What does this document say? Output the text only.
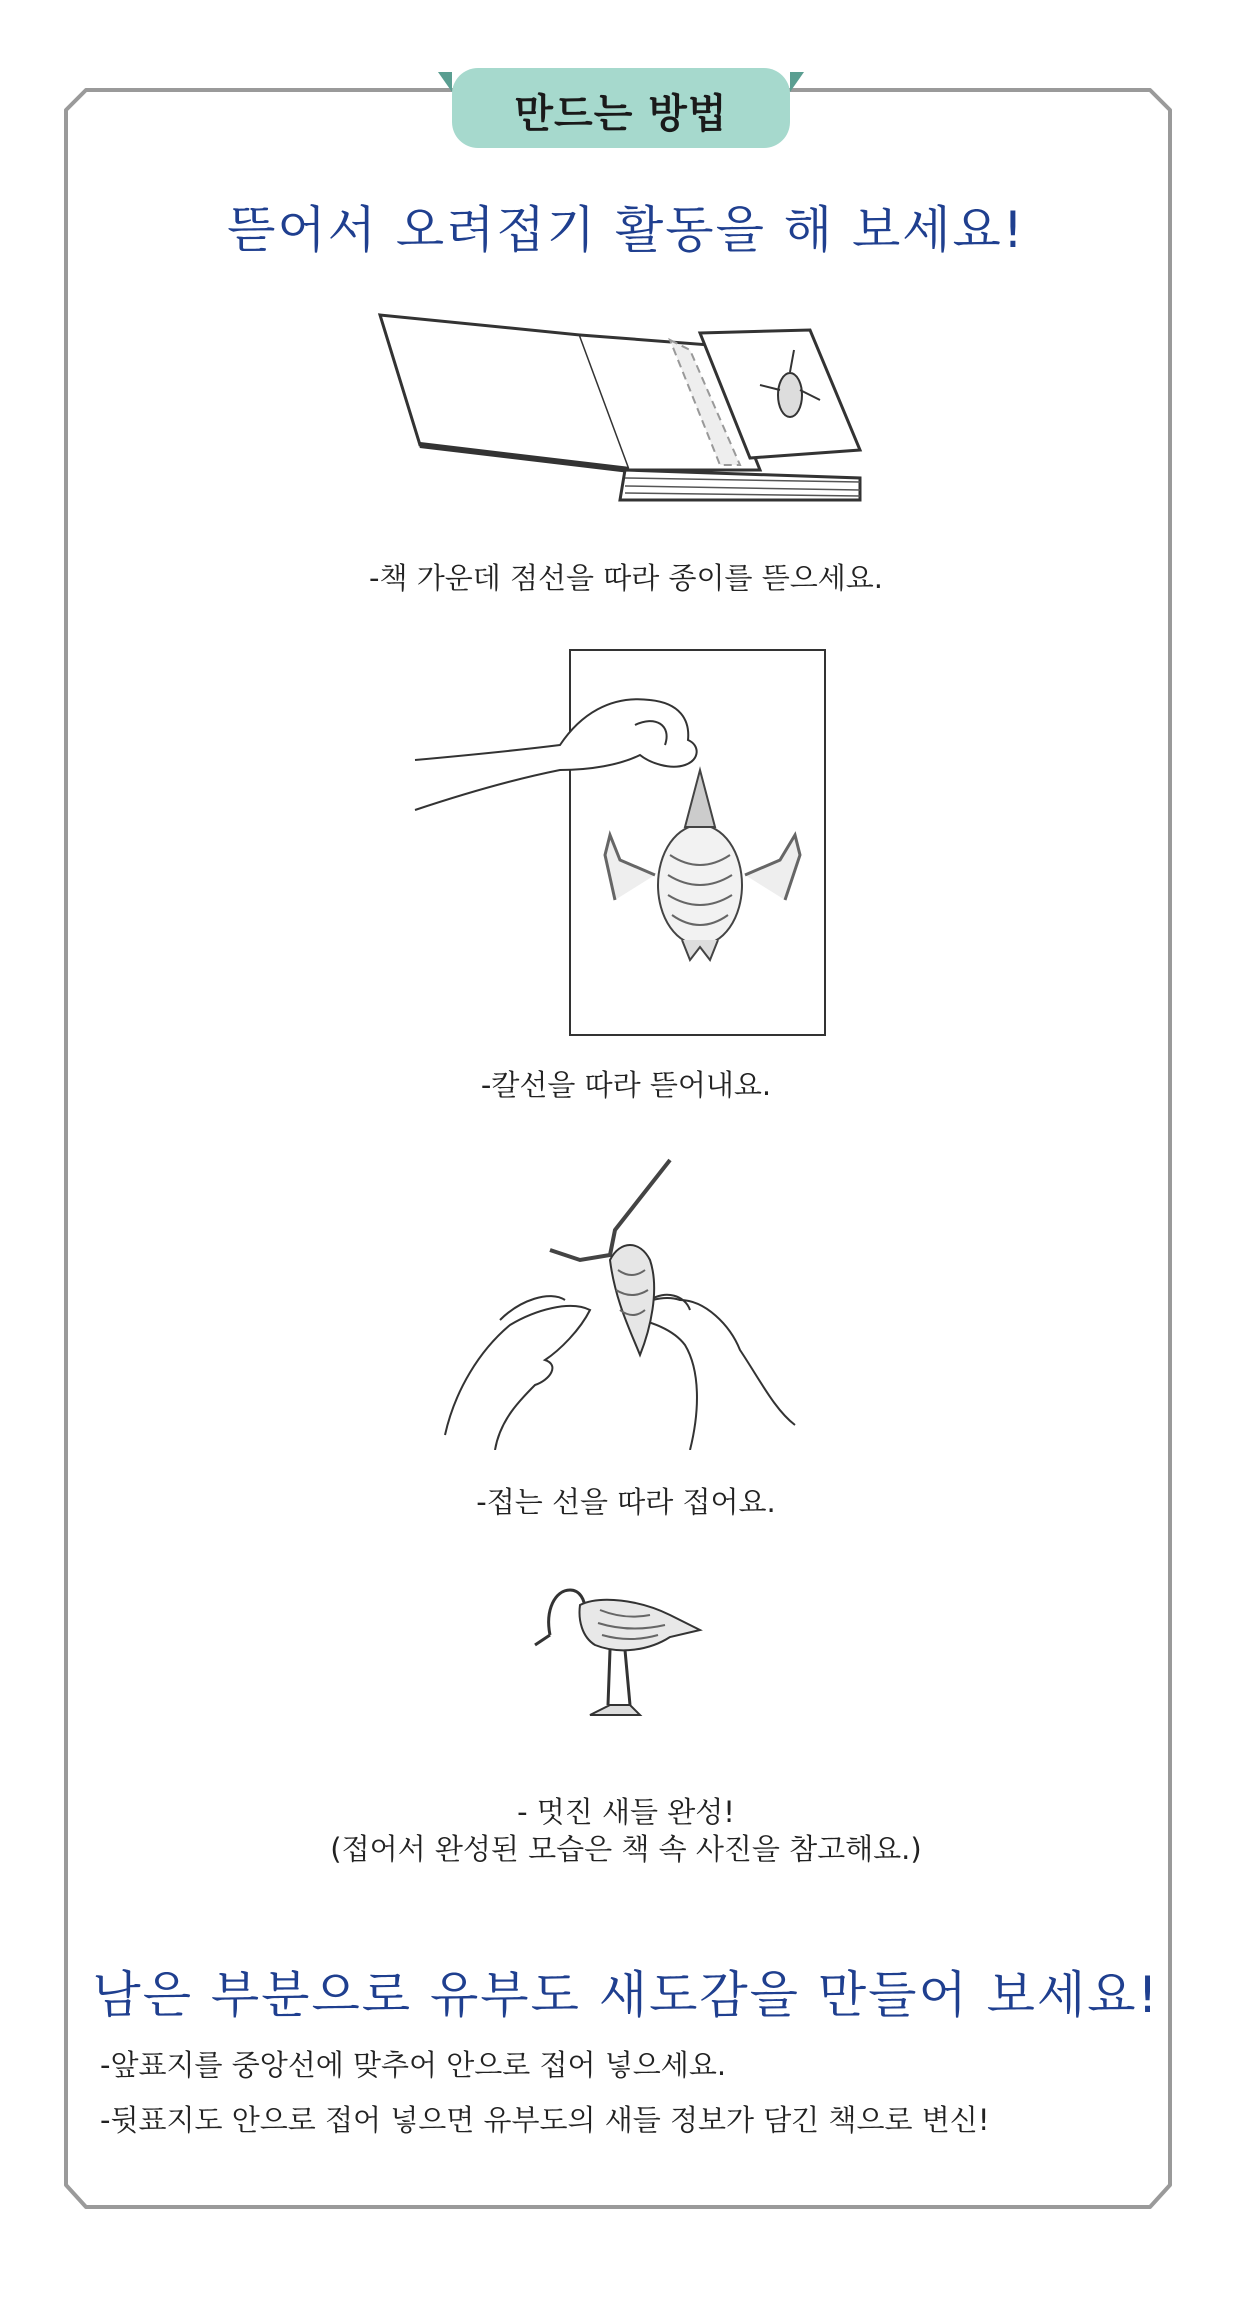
만드는 방법
뜯어서 오려접기 활동을 해 보세요!
-책 가운데 점선을 따라 종이를 뜯으세요.
-칼선을 따라 뜯어내요.
-접는 선을 따라 접어요.
- 멋진 새들 완성!
(접어서 완성된 모습은 책 속 사진을 참고해요.)
남은 부분으로 유부도 새도감을 만들어 보세요!
-앞표지를 중앙선에 맞추어 안으로 접어 넣으세요.
-뒷표지도 안으로 접어 넣으면 유부도의 새들 정보가 담긴 책으로 변신!
